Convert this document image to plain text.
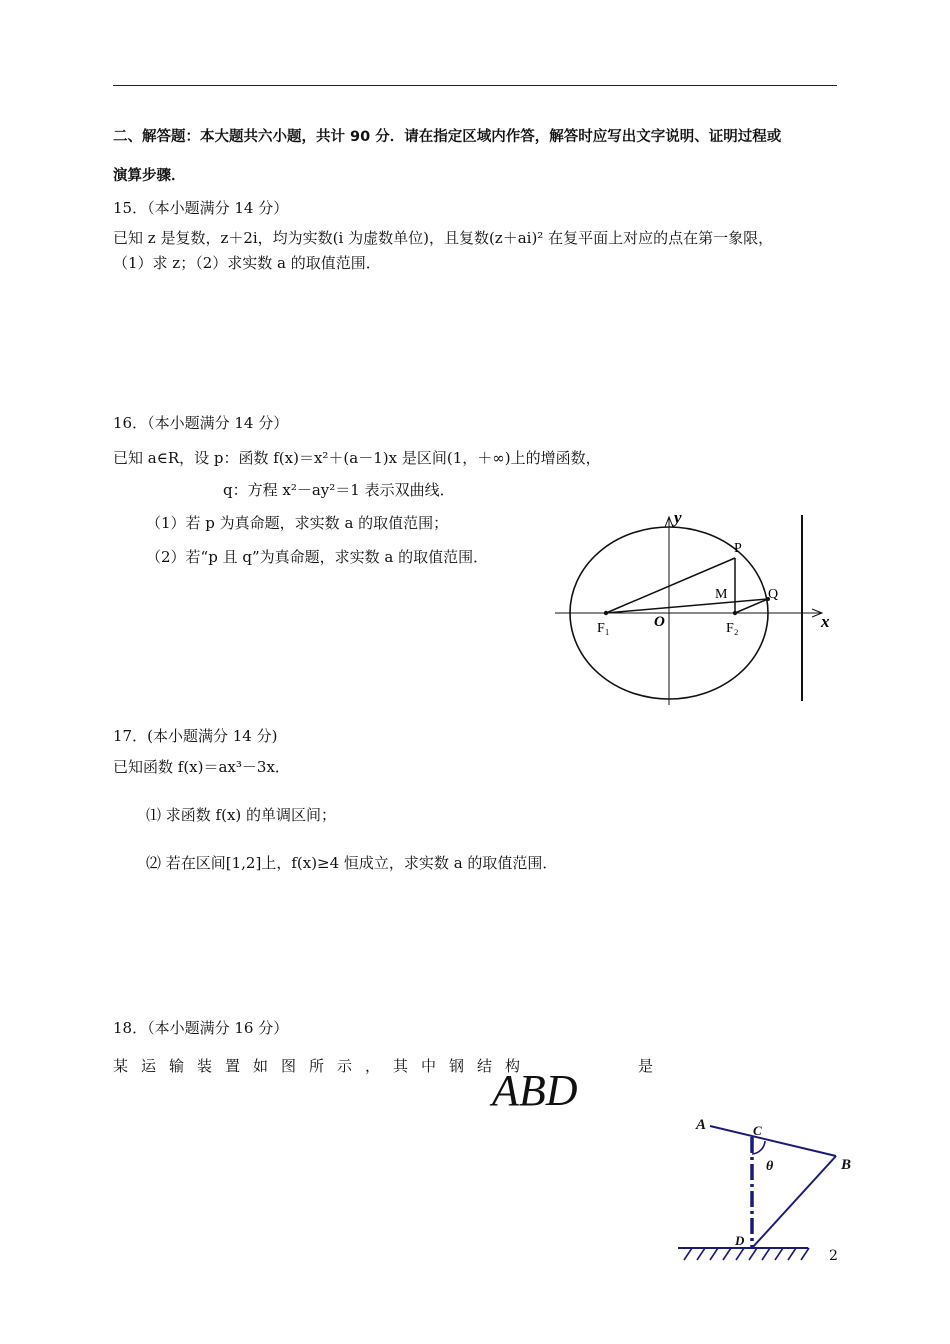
二、解答题：本大题共六小题，共计 90 分．请在指定区域内作答，解答时应写出文字说明、证明过程或
演算步骤．
15．（本小题满分 14 分）
已知 z 是复数，z＋2i，均为实数(i 为虚数单位)，且复数(z＋ai)² 在复平面上对应的点在第一象限，
（1）求 z；（2）求实数 a 的取值范围．
16．（本小题满分 14 分）
已知 a∈R，设 p：函数 f(x)＝x²＋(a－1)x 是区间(1，＋∞)上的增函数，
q：方程 x²－ay²＝1 表示双曲线．
（1）若 p 为真命题，求实数 a 的取值范围；
（2）若“p 且 q”为真命题，求实数 a 的取值范围．
y
x
O
P
M	Q
F₁	F₂
17．(本小题满分 14 分)
已知函数 f(x)＝ax³－3x．
⑴ 求函数 f(x) 的单调区间；
⑵ 若在区间[1,2]上，f(x)≥4 恒成立，求实数 a 的取值范围．
18．（本小题满分 16 分）
某运输装置如图所示，其中钢结构
ABD	是
A	C
θ	B
D
2
